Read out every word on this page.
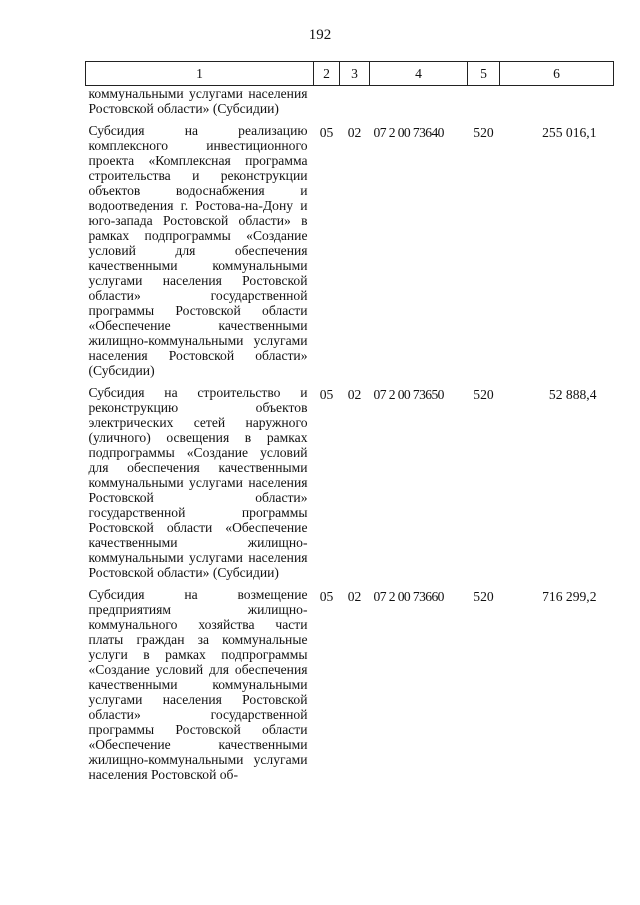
192
1	2	3	4	5	6
коммунальными услугами населения Ростовской области» (Субсидии)					
Субсидия на реализацию комплексного инвестиционного проекта «Комплексная программа строительства и реконструкции объектов водоснабжения и водоотведения г. Ростова-на-Дону и юго-запада Ростовской области» в рамках подпрограммы «Создание условий для обеспечения качественными коммунальными услугами населения Ростовской области» государственной программы Ростовской области «Обеспечение качественными жилищно-коммунальными услугами населения Ростовской области» (Субсидии)	05	02	07 2 00 73640	520	255 016,1
Субсидия на строительство и реконструкцию объектов электрических сетей наружного (уличного) освещения в рамках подпрограммы «Создание условий для обеспечения качественными коммунальными услугами населения Ростовской области» государственной программы Ростовской области «Обеспечение качественными жилищно-коммунальными услугами населения Ростовской области» (Субсидии)	05	02	07 2 00 73650	520	52 888,4
Субсидия на возмещение предприятиям жилищно-коммунального хозяйства части платы граждан за коммунальные услуги в рамках подпрограммы «Создание условий для обеспечения качественными коммунальными услугами населения Ростовской области» государственной программы Ростовской области «Обеспечение качественными жилищно-коммунальными услугами населения Ростовской об-	05	02	07 2 00 73660	520	716 299,2
